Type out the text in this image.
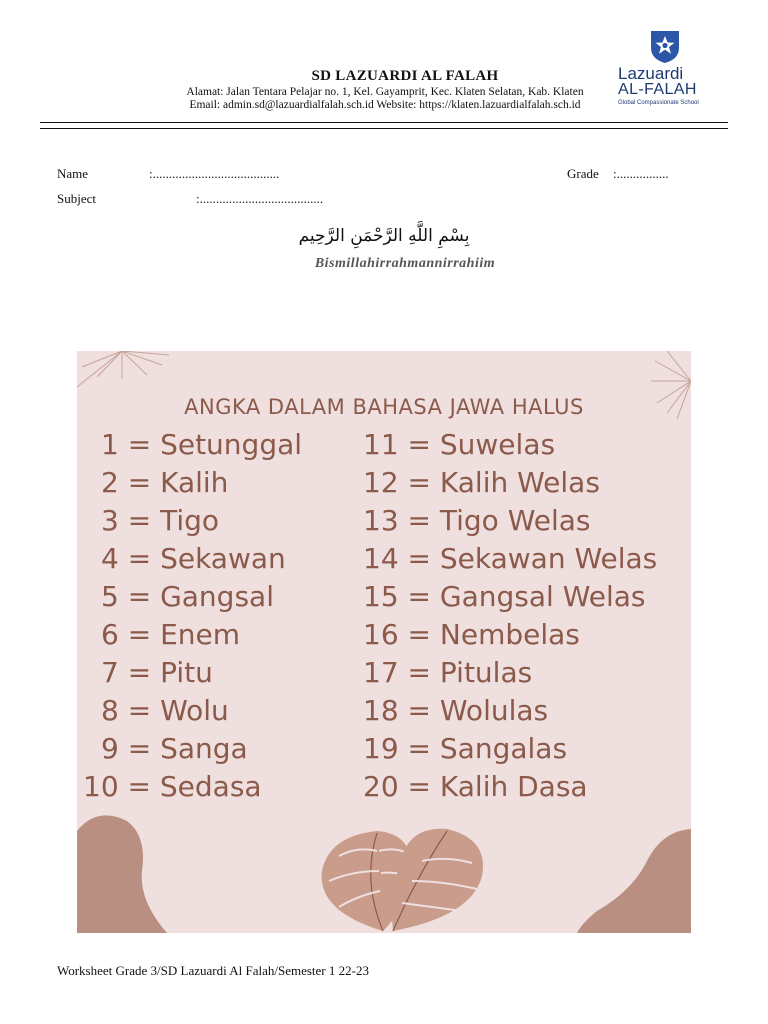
SD LAZUARDI AL FALAH
Alamat: Jalan Tentara Pelajar no. 1, Kel. Gayamprit, Kec. Klaten Selatan, Kab. Klaten
Email: admin.sd@lazuardialfalah.sch.id Website: https://klaten.lazuardialfalah.sch.id
Lazuardi
AL-FALAH
Global Compassionate School
Name	:.......................................	Grade :................
Subject	:......................................
بِسْمِ اللَّهِ الرَّحْمَنِ الرَّحِيم
Bismillahirrahmannirrahiim
ANGKA DALAM BAHASA JAWA HALUS
1 = Setunggal
2 = Kalih
3 = Tigo
4 = Sekawan
5 = Gangsal
6 = Enem
7 = Pitu
8 = Wolu
9 = Sanga
10 = Sedasa
11 = Suwelas
12 = Kalih Welas
13 = Tigo Welas
14 = Sekawan Welas
15 = Gangsal Welas
16 = Nembelas
17 = Pitulas
18 = Wolulas
19 = Sangalas
20 = Kalih Dasa
Worksheet Grade 3/SD Lazuardi Al Falah/Semester 1 22-23
